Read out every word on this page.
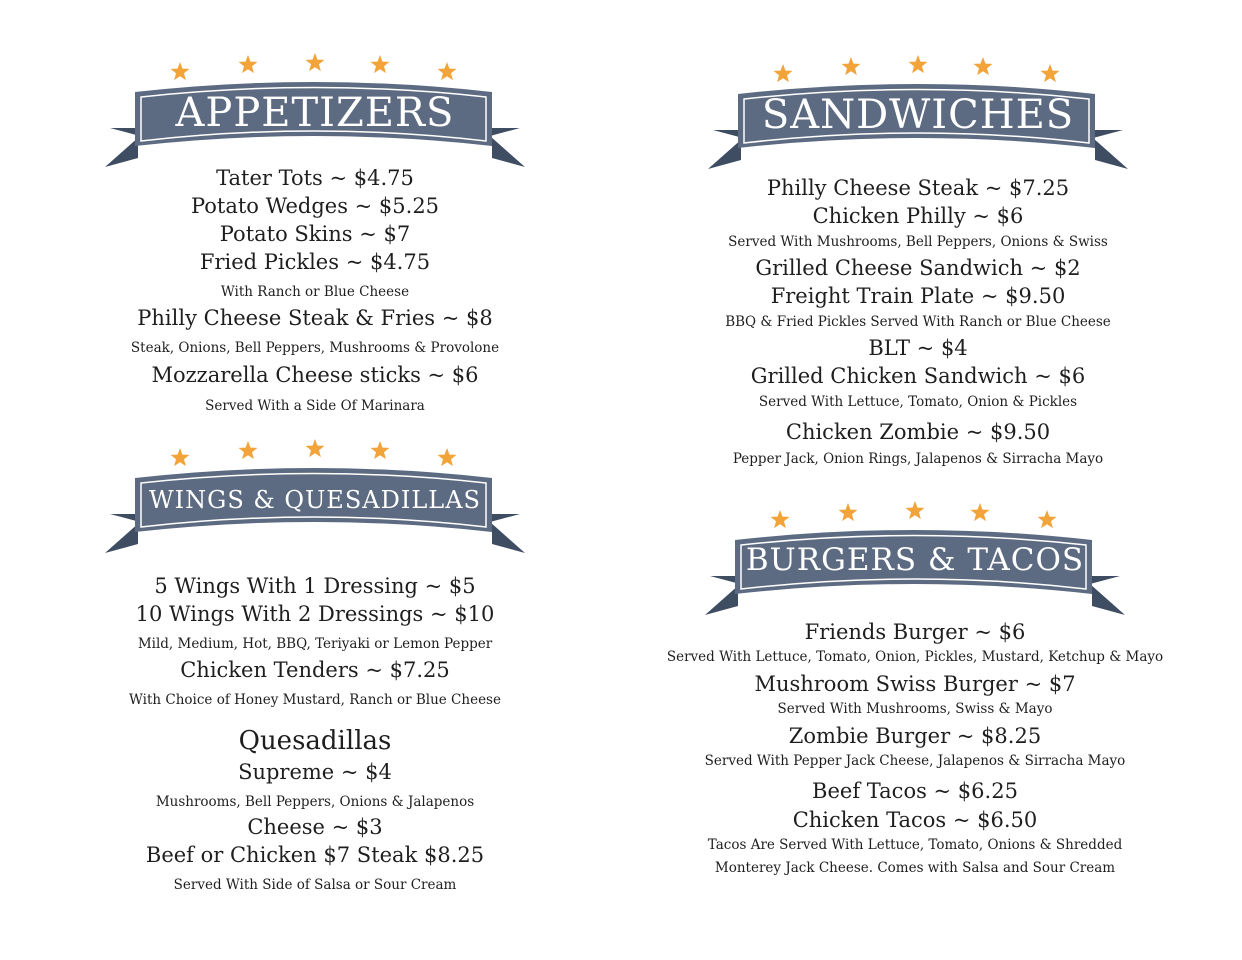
APPETIZERS
Tater Tots ~ $4.75
Potato Wedges ~ $5.25
Potato Skins ~ $7
Fried Pickles ~ $4.75
With Ranch or Blue Cheese
Philly Cheese Steak & Fries ~ $8
Steak, Onions, Bell Peppers, Mushrooms & Provolone
Mozzarella Cheese sticks ~ $6
Served With a Side Of Marinara
WINGS & QUESADILLAS
5 Wings With 1 Dressing ~ $5
10 Wings With 2 Dressings ~ $10
Mild, Medium, Hot, BBQ, Teriyaki or Lemon Pepper
Chicken Tenders ~ $7.25
With Choice of Honey Mustard, Ranch or Blue Cheese
Quesadillas
Supreme ~ $4
Mushrooms, Bell Peppers, Onions & Jalapenos
Cheese ~ $3
Beef or Chicken $7 Steak $8.25
Served With Side of Salsa or Sour Cream
SANDWICHES
Philly Cheese Steak ~ $7.25
Chicken Philly ~ $6
Served With Mushrooms, Bell Peppers, Onions & Swiss
Grilled Cheese Sandwich ~ $2
Freight Train Plate ~ $9.50
BBQ & Fried Pickles Served With Ranch or Blue Cheese
BLT ~ $4
Grilled Chicken Sandwich ~ $6
Served With Lettuce, Tomato, Onion & Pickles
Chicken Zombie ~ $9.50
Pepper Jack, Onion Rings, Jalapenos & Sirracha Mayo
BURGERS & TACOS
Friends Burger ~ $6
Served With Lettuce, Tomato, Onion, Pickles, Mustard, Ketchup & Mayo
Mushroom Swiss Burger ~ $7
Served With Mushrooms, Swiss & Mayo
Zombie Burger ~ $8.25
Served With Pepper Jack Cheese, Jalapenos & Sirracha Mayo
Beef Tacos ~ $6.25
Chicken Tacos ~ $6.50
Tacos Are Served With Lettuce, Tomato, Onions & Shredded
Monterey Jack Cheese. Comes with Salsa and Sour Cream
